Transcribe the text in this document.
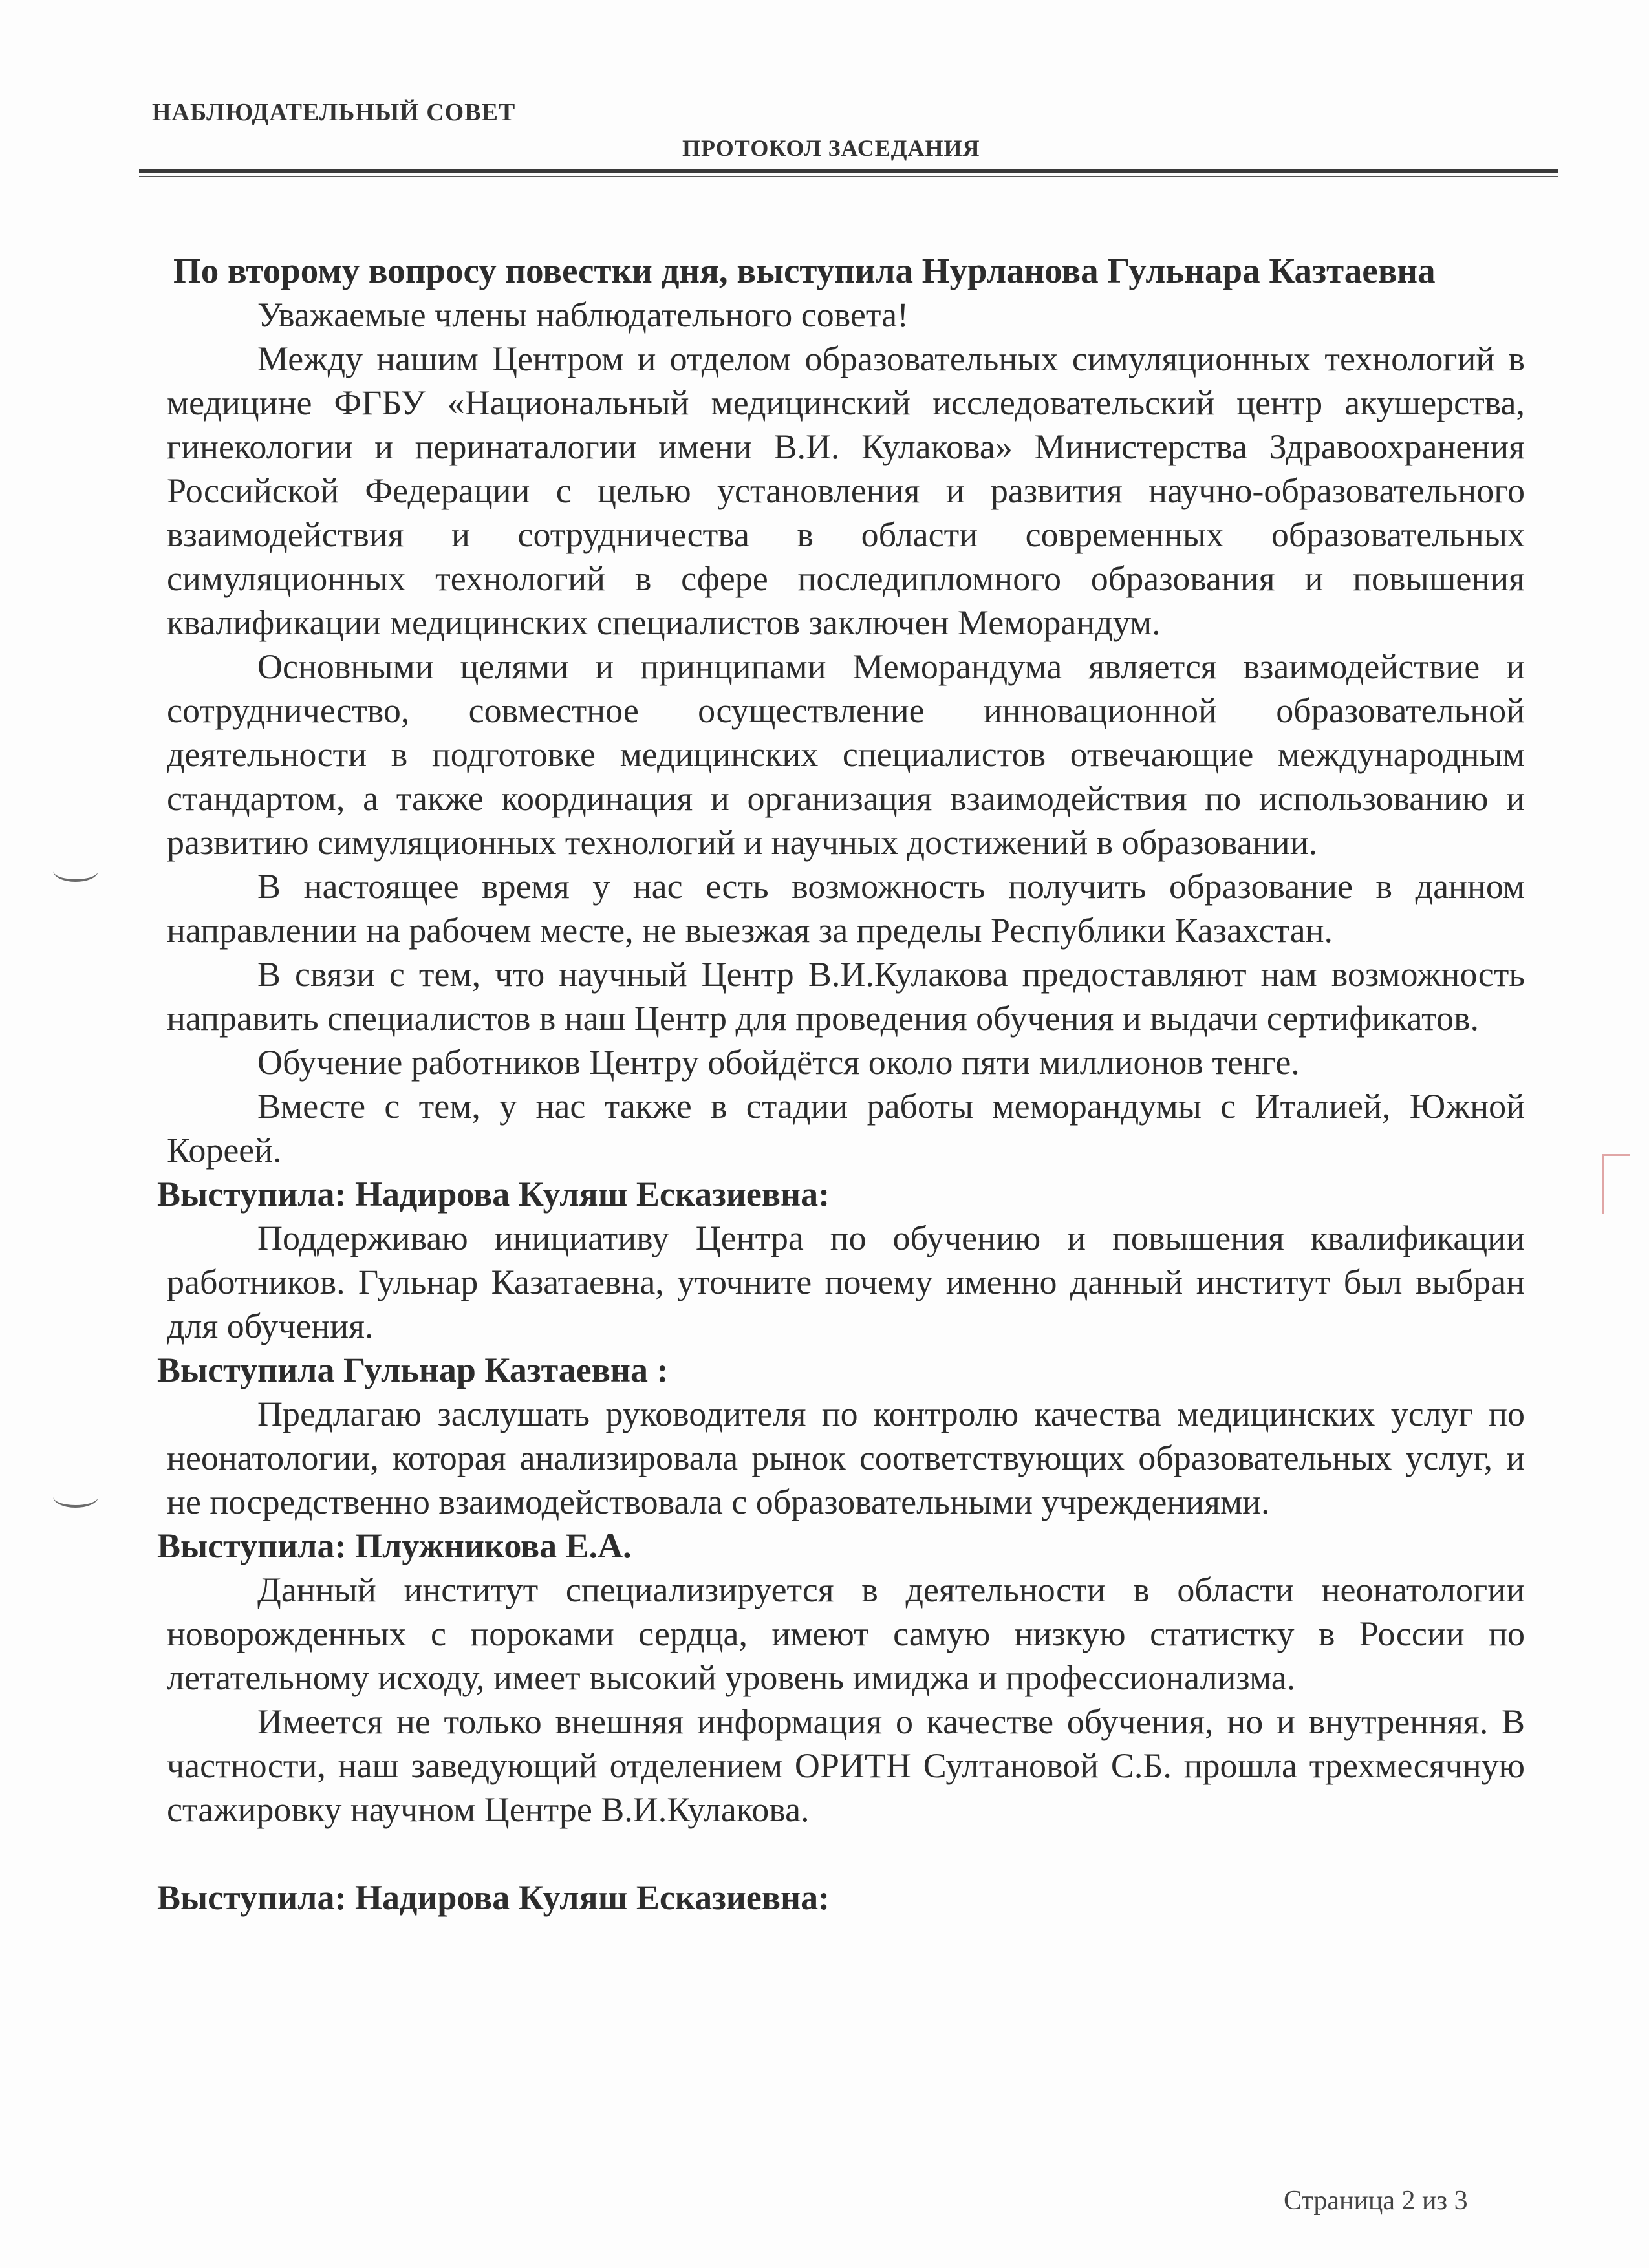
НАБЛЮДАТЕЛЬНЫЙ СОВЕТ
ПРОТОКОЛ ЗАСЕДАНИЯ

По второму вопросу повестки дня, выступила Нурланова Гульнара Казтаевна

Уважаемые члены наблюдательного совета!

Между нашим Центром и отделом образовательных симуляционных технологий в медицине ФГБУ «Национальный медицинский исследовательский центр акушерства, гинекологии и перинаталогии имени В.И. Кулакова» Министерства Здравоохранения Российской Федерации с целью установления и развития научно-образовательного взаимодействия и сотрудничества в области современных образовательных симуляционных технологий в сфере последипломного образования и повышения квалификации медицинских специалистов заключен Меморандум.

Основными целями и принципами Меморандума является взаимодействие и сотрудничество, совместное осуществление инновационной образовательной деятельности в подготовке медицинских специалистов отвечающие международным стандартом, а также координация и организация взаимодействия по использованию и развитию симуляционных технологий и научных достижений в образовании.

В настоящее время у нас есть возможность получить образование в данном направлении на рабочем месте, не выезжая за пределы Республики Казахстан.

В связи с тем, что научный Центр В.И.Кулакова предоставляют нам возможность направить специалистов в наш Центр для проведения обучения и выдачи сертификатов.

Обучение работников Центру обойдётся около пяти миллионов тенге.

Вместе с тем, у нас также в стадии работы меморандумы с Италией, Южной Кореей.

Выступила: Надирова Куляш Есказиевна:

Поддерживаю инициативу Центра по обучению и повышения квалификации работников. Гульнар Казатаевна, уточните почему именно данный институт был выбран для обучения.

Выступила Гульнар Казтаевна :

Предлагаю заслушать руководителя по контролю качества медицинских услуг по неонатологии, которая анализировала рынок соответствующих образовательных услуг, и не посредственно взаимодействовала с образовательными учреждениями.

Выступила: Плужникова Е.А.

Данный институт специализируется в деятельности в области неонатологии новорожденных с пороками сердца, имеют самую низкую статистку в России по летательному исходу, имеет высокий уровень имиджа и профессионализма.

Имеется не только внешняя информация о качестве обучения, но и внутренняя. В частности, наш заведующий отделением ОРИТН Султановой С.Б. прошла трехмесячную стажировку научном Центре В.И.Кулакова.

Выступила: Надирова Куляш Есказиевна:

Страница 2 из 3
